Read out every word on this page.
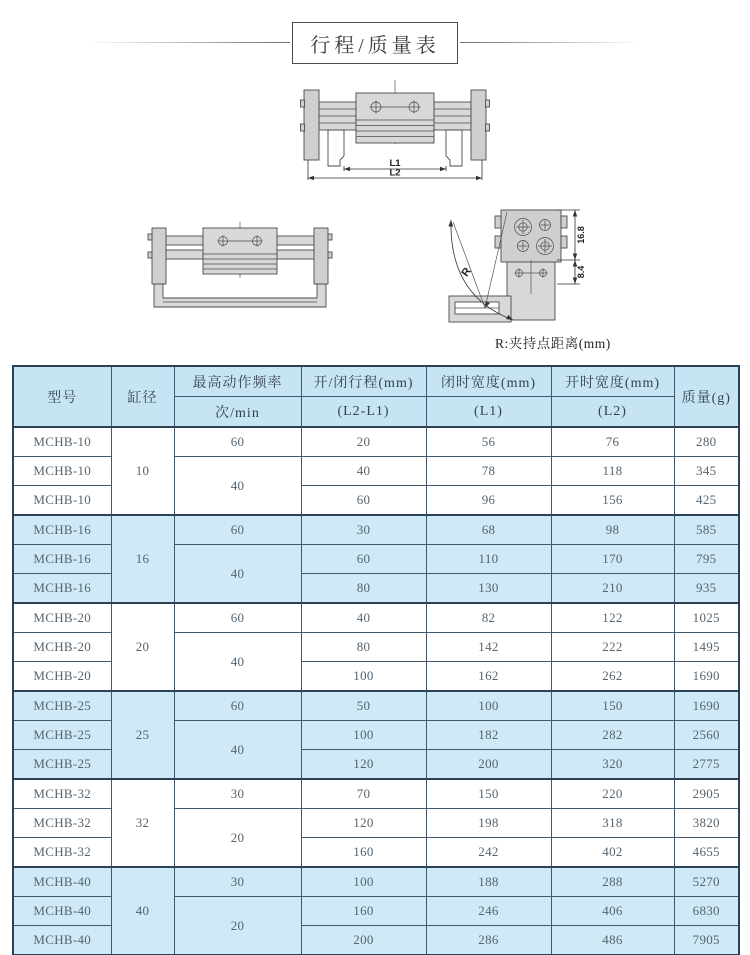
行程/质量表
L1
L2
R
16.8
8.4
R:夹持点距离(mm)
型号	缸径	最高动作频率	开/闭行程(mm)	闭时宽度(mm)	开时宽度(mm)	质量(g)
		次/min	(L2-L1)	(L1)	(L2)	
MCHB-10	10	60	20	56	76	280
MCHB-10		40	40	78	118	345
MCHB-10			60	96	156	425
MCHB-16	16	60	30	68	98	585
MCHB-16		40	60	110	170	795
MCHB-16			80	130	210	935
MCHB-20	20	60	40	82	122	1025
MCHB-20		40	80	142	222	1495
MCHB-20			100	162	262	1690
MCHB-25	25	60	50	100	150	1690
MCHB-25		40	100	182	282	2560
MCHB-25			120	200	320	2775
MCHB-32	32	30	70	150	220	2905
MCHB-32		20	120	198	318	3820
MCHB-32			160	242	402	4655
MCHB-40	40	30	100	188	288	5270
MCHB-40		20	160	246	406	6830
MCHB-40			200	286	486	7905
